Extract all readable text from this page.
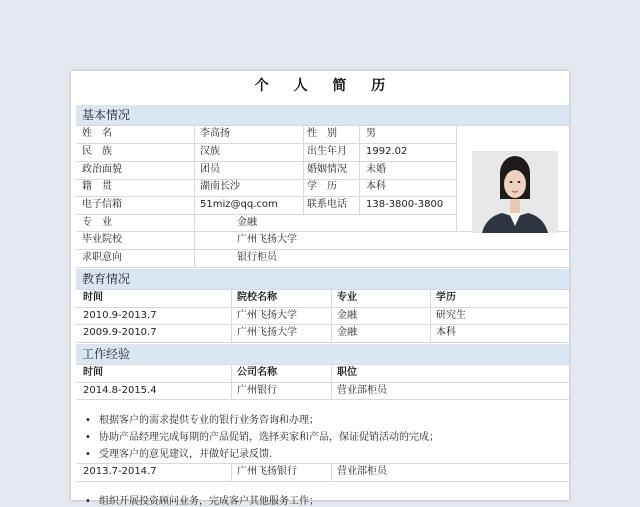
个 人 简 历
基本情况
姓　名	李高扬	性　别	男
民　族	汉族	出生年月 1992.02
政治面貌	团员	婚姻情况 未婚
籍　贯	湖南长沙	学　历	本科
电子信箱	51miz@qq.com	联系电话 138-3800-3800
专　业	金融
毕业院校	广州飞扬大学
求职意向	银行柜员
教育情况
时间	院校名称	专业	学历
2010.9-2013.7	广州飞扬大学	金融	研究生
2009.9-2010.7	广州飞扬大学	金融	本科
工作经验
时间	公司名称	职位
2014.8-2015.4	广州银行	营业部柜员
• 根据客户的需求提供专业的银行业务咨询和办理；
• 协助产品经理完成每期的产品促销，选择卖家和产品，保证促销活动的完成；
• 受理客户的意见建议，并做好记录反馈.
2013.7-2014.7	广州飞扬银行	营业部柜员
• 组织开展投资顾问业务，完成客户其他服务工作；
